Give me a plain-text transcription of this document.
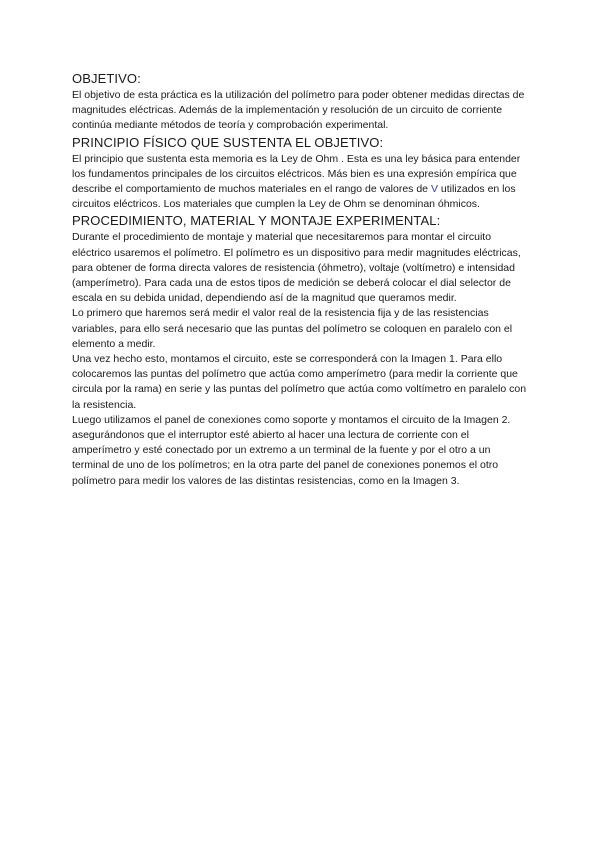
OBJETIVO:

El objetivo de esta práctica es la utilización del polímetro para poder obtener medidas directas de magnitudes eléctricas. Además de la implementación y resolución de un circuito de corriente continúa mediante métodos de teoría y comprobación experimental.

PRINCIPIO FÍSICO QUE SUSTENTA EL OBJETIVO:

El principio que sustenta esta memoria es la Ley de Ohm . Esta es una ley básica para entender los fundamentos principales de los circuitos eléctricos. Más bien es una expresión empírica que describe el comportamiento de muchos materiales en el rango de valores de V utilizados en los circuitos eléctricos. Los materiales que cumplen la Ley de Ohm se denominan óhmicos.

PROCEDIMIENTO, MATERIAL Y MONTAJE EXPERIMENTAL:

Durante el procedimiento de montaje y material que necesitaremos para montar el circuito eléctrico usaremos el polímetro. El polímetro es un dispositivo para medir magnitudes eléctricas, para obtener de forma directa valores de resistencia (óhmetro), voltaje (voltímetro) e intensidad (amperímetro). Para cada una de estos tipos de medición se deberá colocar el dial selector de escala en su debida unidad, dependiendo así de la magnitud que queramos medir.

Lo primero que haremos será medir el valor real de la resistencia fija y de las resistencias variables, para ello será necesario que las puntas del polímetro se coloquen en paralelo con el elemento a medir.

Una vez hecho esto, montamos el circuito, este se corresponderá con la Imagen 1. Para ello colocaremos las puntas del polímetro que actúa como amperímetro (para medir la corriente que circula por la rama) en serie y las puntas del polímetro que actúa como voltímetro en paralelo con la resistencia.

Luego utilizamos el panel de conexiones como soporte y montamos el circuito de la Imagen 2. asegurándonos que el interruptor esté abierto al hacer una lectura de corriente con el amperímetro y esté conectado por un extremo a un terminal de la fuente y por el otro a un terminal de uno de los polímetros; en la otra parte del panel de conexiones ponemos el otro polímetro para medir los valores de las distintas resistencias, como en la Imagen 3.
